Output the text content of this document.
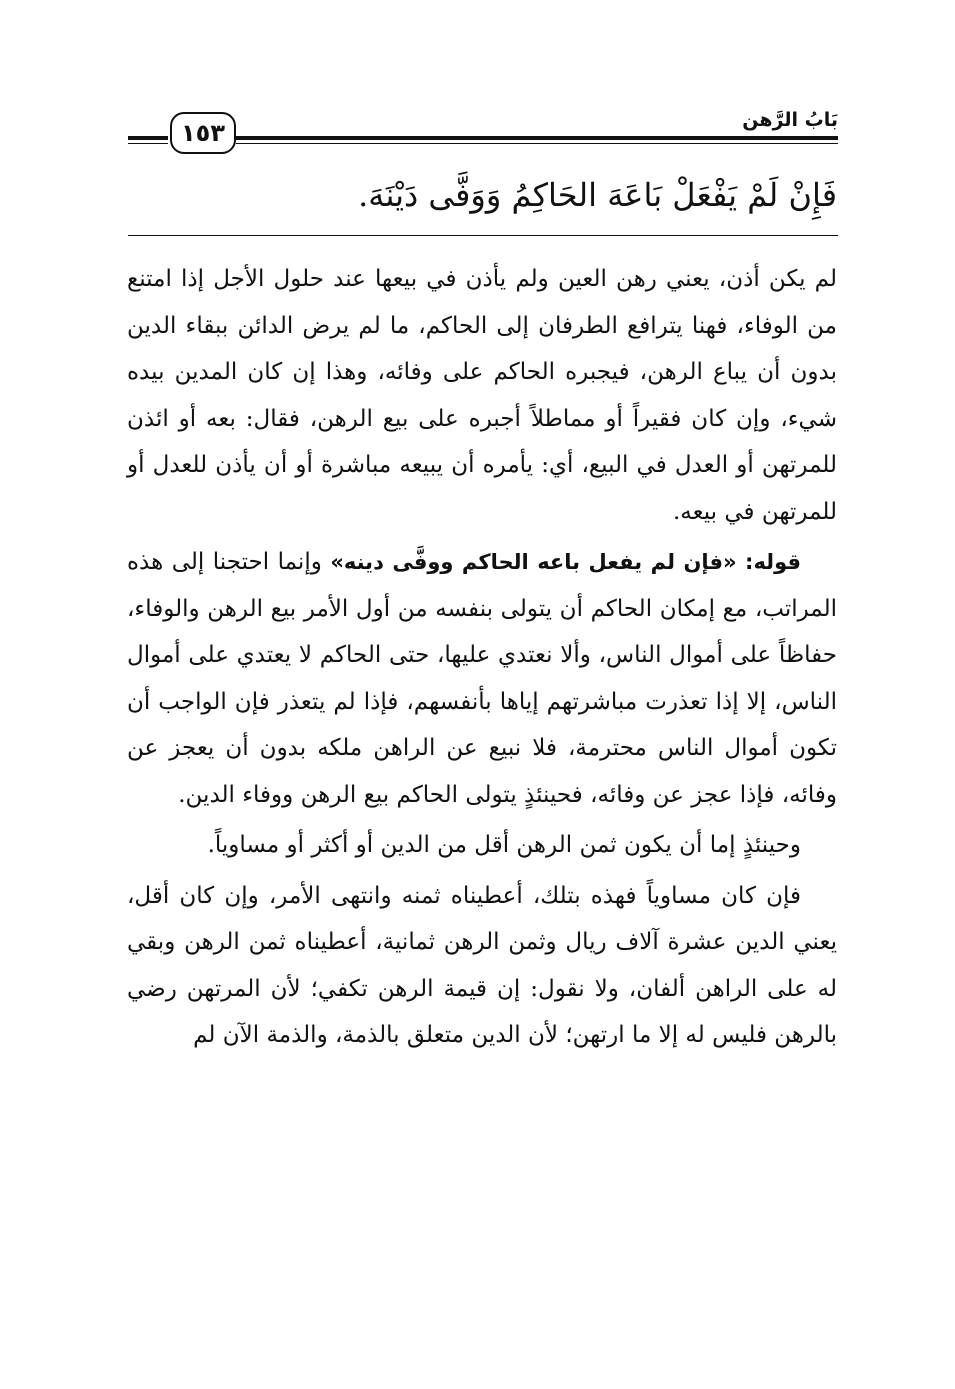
١٥٣	بَابُ الرَّهن
فَإِنْ لَمْ يَفْعَلْ بَاعَهَ الحَاكِمُ وَوَفَّى دَيْنَهَ.

لم يكن أذن، يعني رهن العين ولم يأذن في بيعها عند حلول الأجل إذا امتنع من الوفاء، فهنا يترافع الطرفان إلى الحاكم، ما لم يرض الدائن ببقاء الدين بدون أن يباع الرهن، فيجبره الحاكم على وفائه، وهذا إن كان المدين بيده شيء، وإن كان فقيراً أو مماطلاً أجبره على بيع الرهن، فقال: بعه أو ائذن للمرتهن أو العدل في البيع، أي: يأمره أن يبيعه مباشرة أو أن يأذن للعدل أو للمرتهن في بيعه.

قوله: «فإن لم يفعل باعه الحاكم ووفَّى دينه» وإنما احتجنا إلى هذه المراتب، مع إمكان الحاكم أن يتولى بنفسه من أول الأمر بيع الرهن والوفاء، حفاظاً على أموال الناس، وألا نعتدي عليها، حتى الحاكم لا يعتدي على أموال الناس، إلا إذا تعذرت مباشرتهم إياها بأنفسهم، فإذا لم يتعذر فإن الواجب أن تكون أموال الناس محترمة، فلا نبيع عن الراهن ملكه بدون أن يعجز عن وفائه، فإذا عجز عن وفائه، فحينئذٍ يتولى الحاكم بيع الرهن ووفاء الدين.

وحينئذٍ إما أن يكون ثمن الرهن أقل من الدين أو أكثر أو مساوياً.

فإن كان مساوياً فهذه بتلك، أعطيناه ثمنه وانتهى الأمر، وإن كان أقل، يعني الدين عشرة آلاف ريال وثمن الرهن ثمانية، أعطيناه ثمن الرهن وبقي له على الراهن ألفان، ولا نقول: إن قيمة الرهن تكفي؛ لأن المرتهن رضي بالرهن فليس له إلا ما ارتهن؛ لأن الدين متعلق بالذمة، والذمة الآن لم
